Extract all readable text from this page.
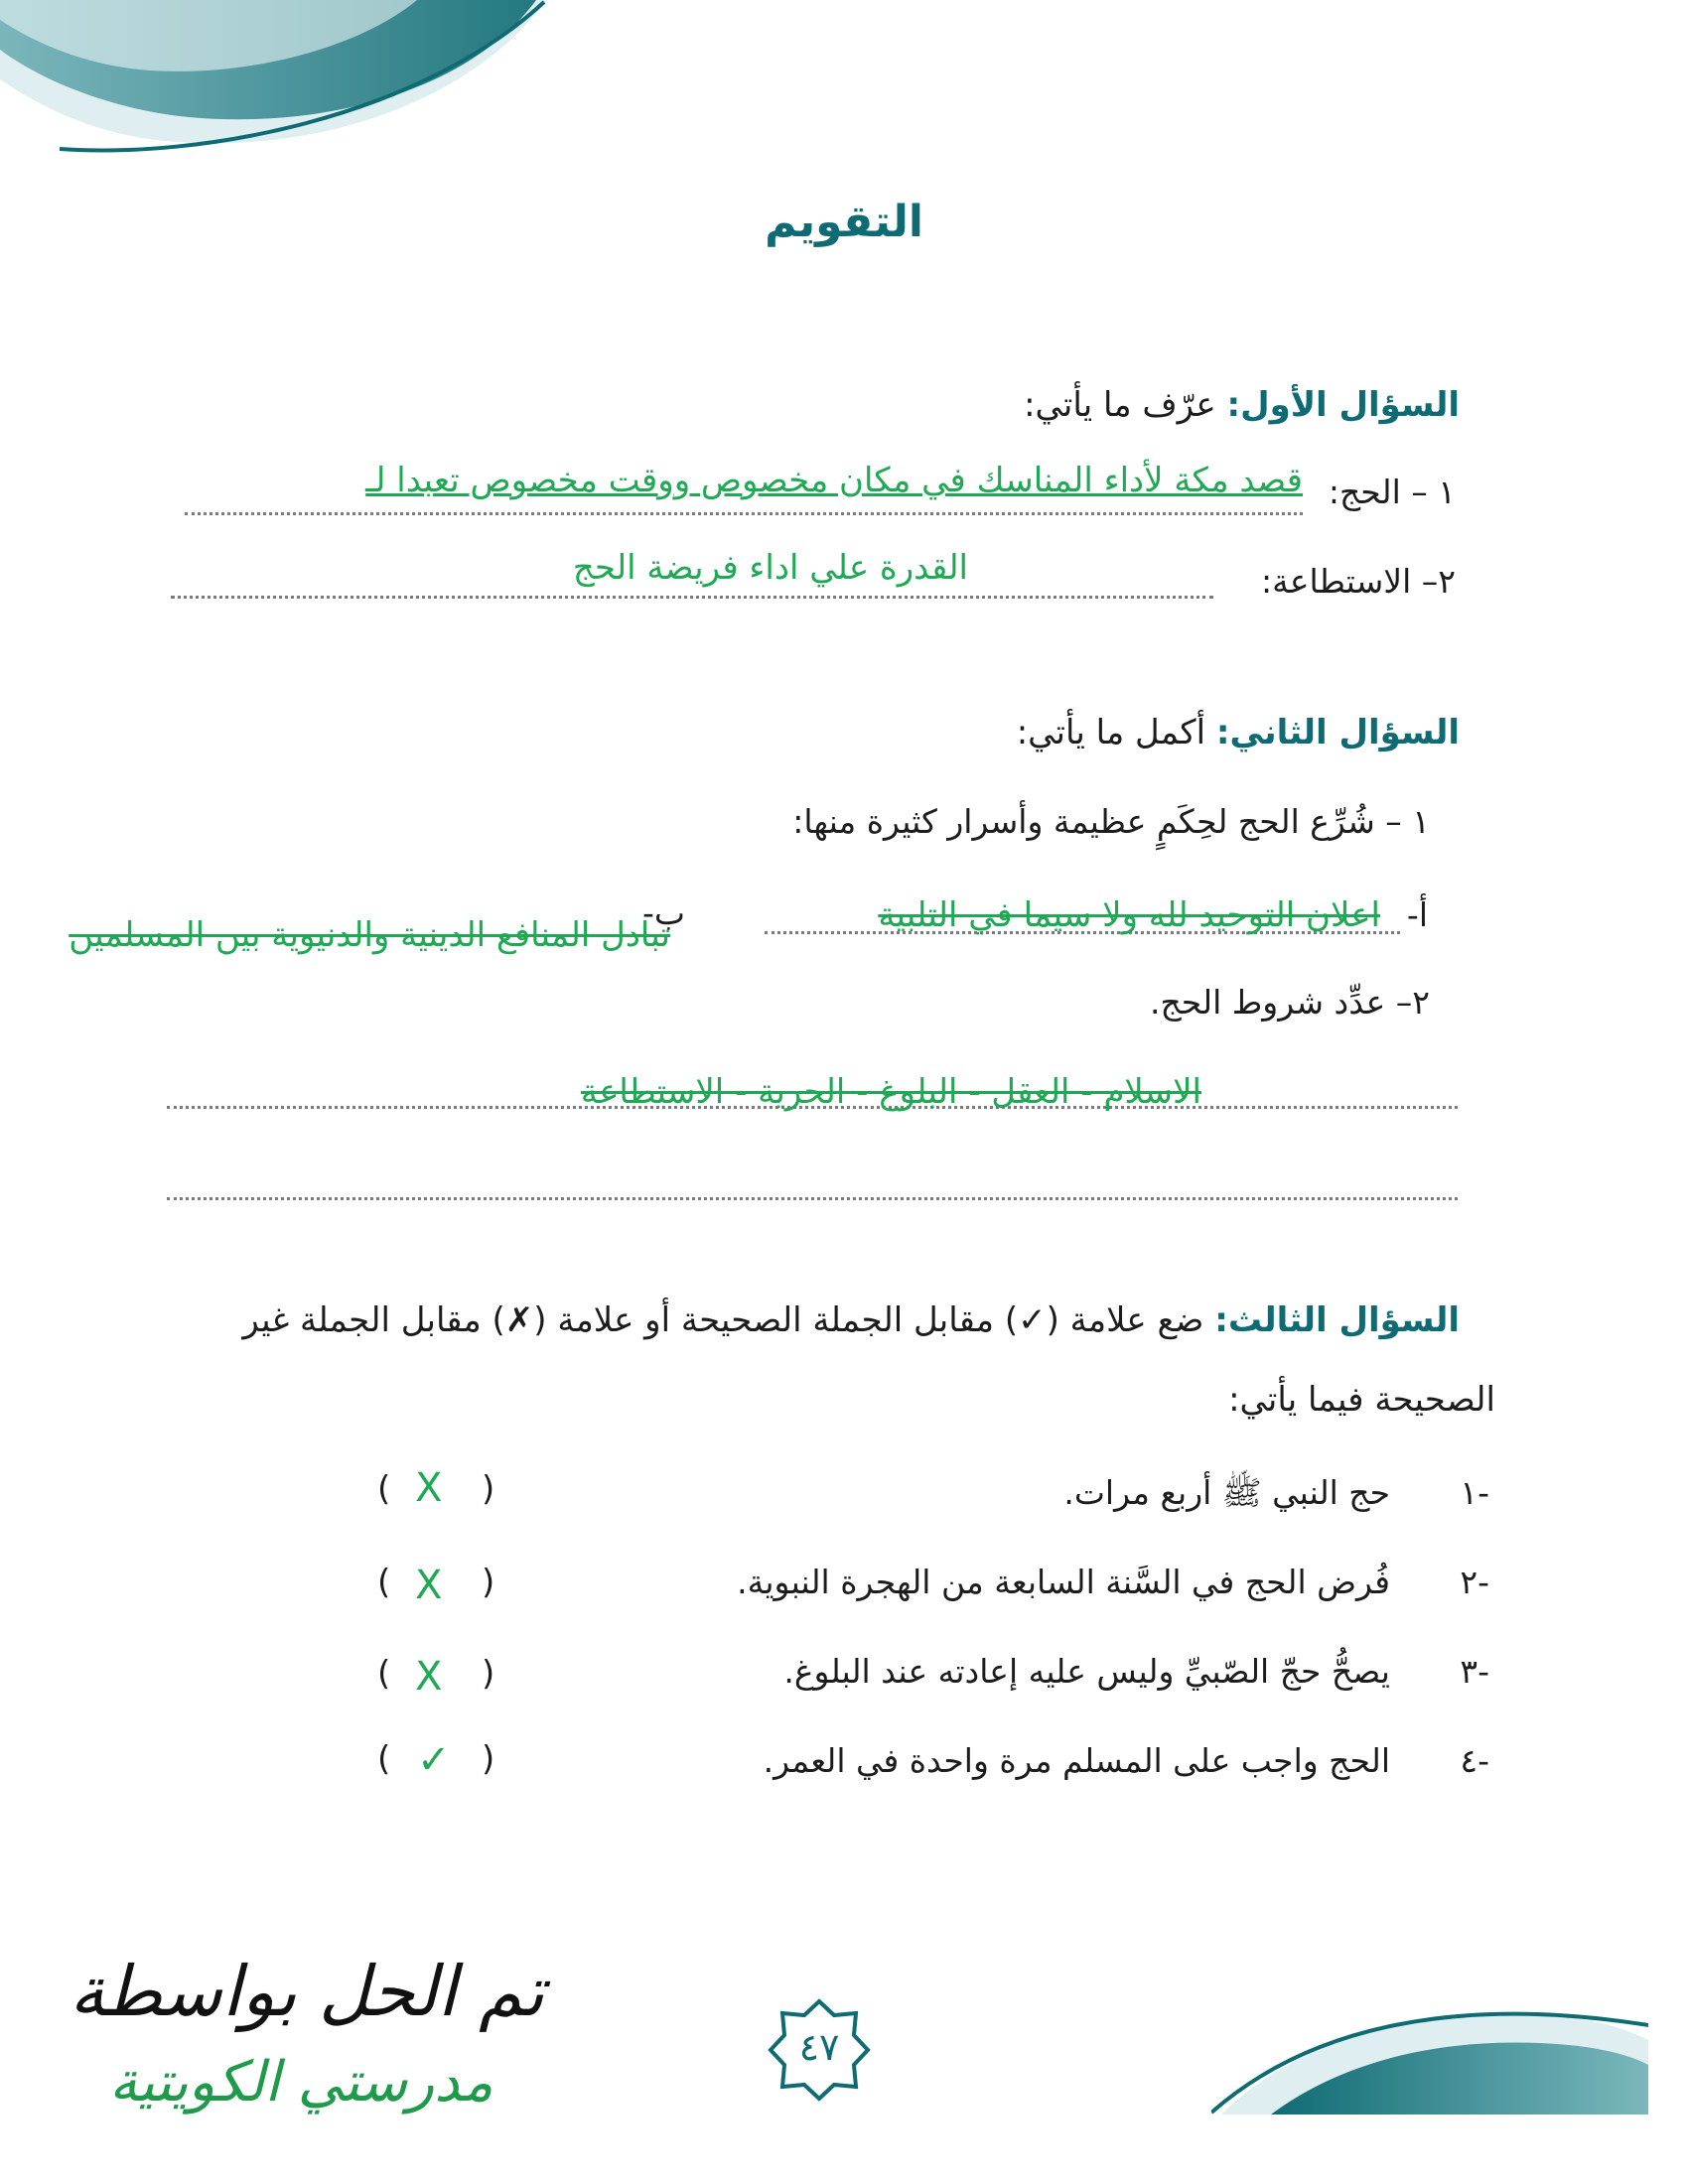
التقويم
السؤال الأول: عرّف ما يأتي:
١ – الحج:
قصد مكة لأداء المناسك في مكان مخصوص ووقت مخصوص تعبدا لـ
٢– الاستطاعة:
القدرة علي اداء فريضة الحج
السؤال الثاني: أكمل ما يأتي:
١ – شُرِّع الحج لحِكَمٍ عظيمة وأسرار كثيرة منها:
أ-
اعلان التوحيد لله ولا سيما في التلبية
ب-
تبادل المنافع الدينية والدنيوية بين المسلمين
٢– عدِّد شروط الحج.
الاسلام - العقل - البلوغ - الحرية - الاستطاعة
السؤال الثالث: ضع علامة (✓) مقابل الجملة الصحيحة أو علامة (✗) مقابل الجملة غير
الصحيحة فيما يأتي:
١-
حج النبي ﷺ أربع مرات.
( X )
٢-
فُرض الحج في السَّنة السابعة من الهجرة النبوية.
( X )
٣-
يصحُّ حجّ الصّبيِّ وليس عليه إعادته عند البلوغ.
( X )
٤-
الحج واجب على المسلم مرة واحدة في العمر.
( ✓ )
تم الحل بواسطة
مدرستي الكويتية
٤٧
